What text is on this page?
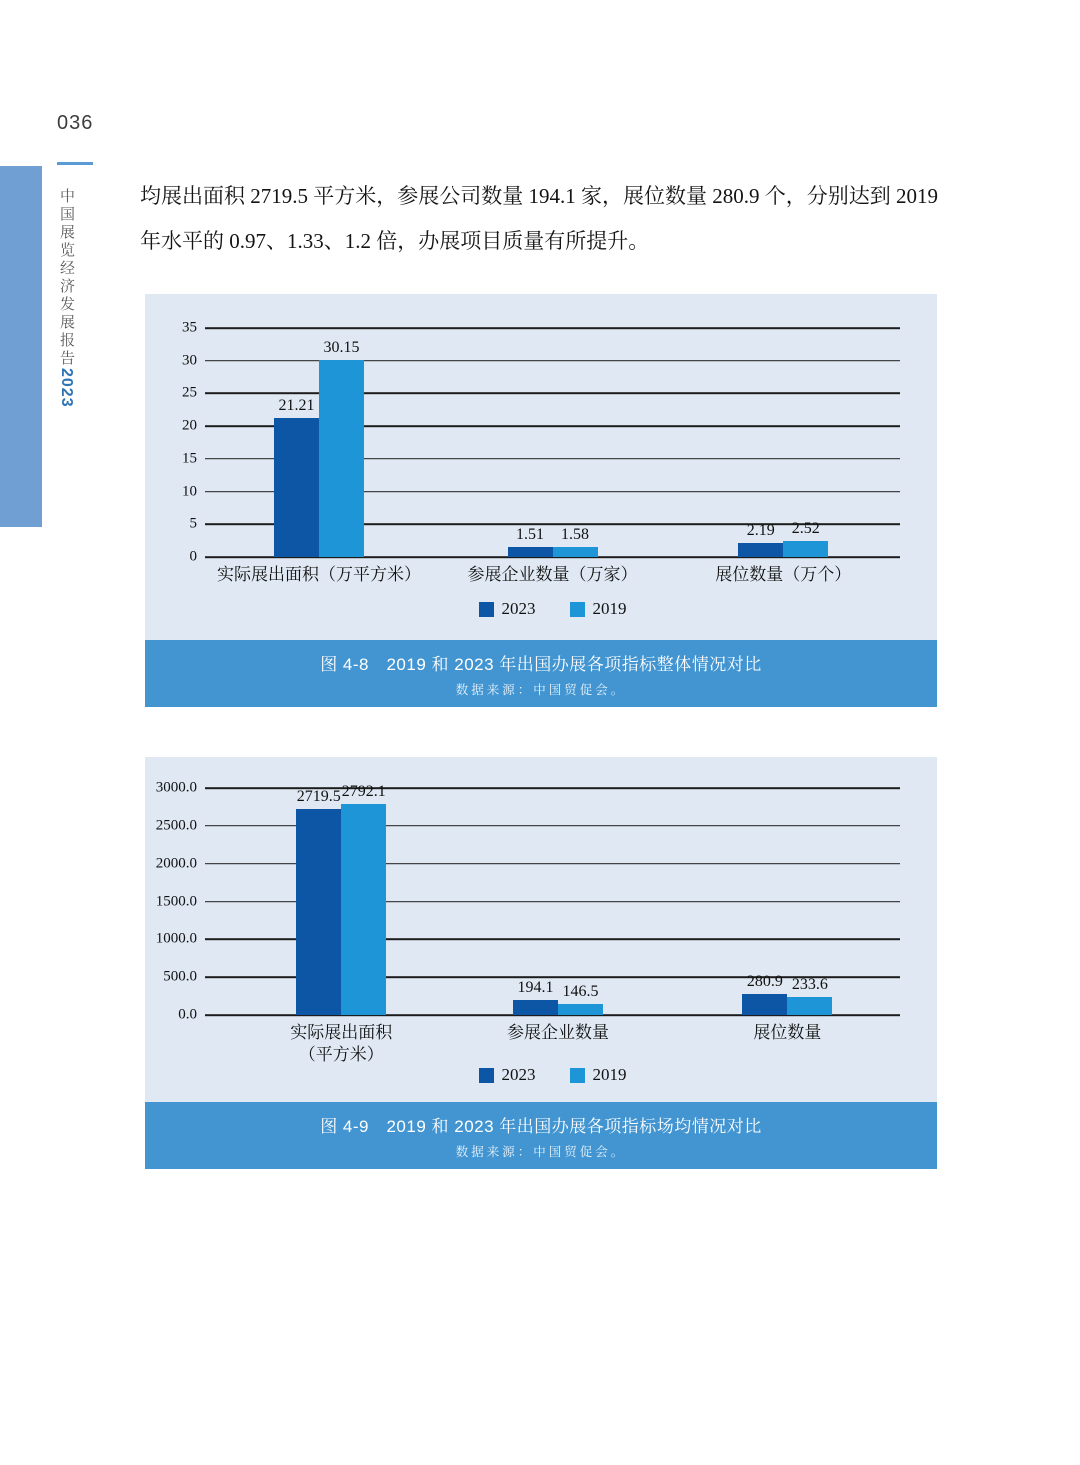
036
中国展览经济发展报告2023
均展出面积 2719.5 平方米，参展公司数量 194.1 家，展位数量 280.9 个，分别达到 2019
年水平的 0.97、1.33、1.2 倍，办展项目质量有所提升。
0
5
10
15
20
25
30
35
21.21
30.15
1.51 1.58	2.19 2.52
实际展出面积（万平方米）	参展企业数量（万家）	展位数量（万个）
2023	2019
图 4-8　2019 和 2023 年出国办展各项指标整体情况对比
数据来源：中国贸促会。
0.0
500.0
1000.0
1500.0
2000.0
2500.0
3000.0
2719.5 2792.1
194.1 146.5
280.9 233.6
实际展出面积
（平方米）
参展企业数量	展位数量
2023	2019
图 4-9　2019 和 2023 年出国办展各项指标场均情况对比
数据来源：中国贸促会。
